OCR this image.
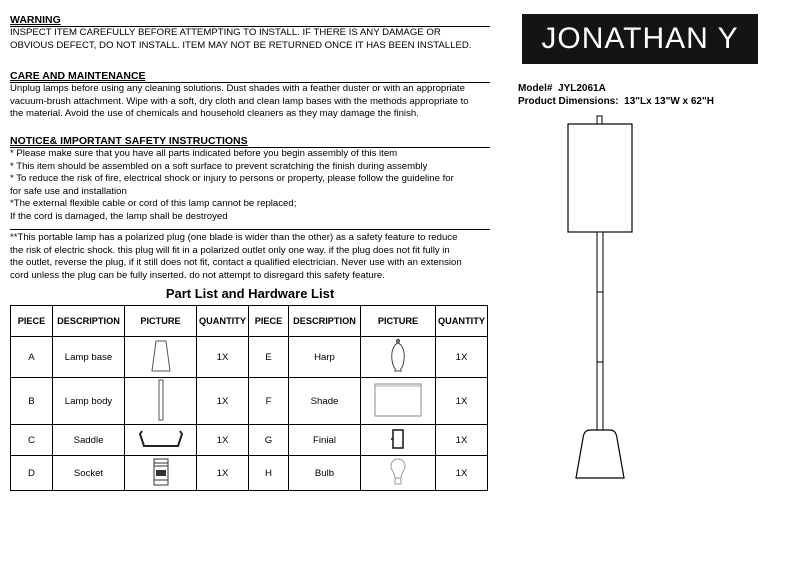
WARNING
INSPECT ITEM CAREFULLY BEFORE ATTEMPTING TO INSTALL. IF THERE IS ANY DAMAGE OR
OBVIOUS DEFECT, DO NOT INSTALL. ITEM MAY NOT BE RETURNED ONCE IT HAS BEEN INSTALLED.
CARE AND MAINTENANCE
Unplug lamps before using any cleaning solutions. Dust shades with a feather duster or with an appropriate
vacuum-brush attachment. Wipe with a soft, dry cloth and clean lamp bases with the methods appropriate to
the material. Avoid the use of chemicals and household cleaners as they may damage the finish.
NOTICE& IMPORTANT SAFETY INSTRUCTIONS
* Please make sure that you have all parts indicated before you begin assembly of this item
* This item should be assembled on a soft surface to prevent scratching the finish during assembly
* To reduce the risk of fire, electrical shock or injury to persons or property, please follow the guideline for
for safe use and installation
*The external flexible cable or cord of this lamp cannot be replaced;
If the cord is damaged, the lamp shall be destroyed
**This portable lamp has a polarized plug (one blade is wider than the other) as a safety feature to reduce
the risk of electric shock. this plug will fit in a polarized outlet only one way. if the plug does not fit fully in
the outlet, reverse the plug, if it still does not fit, contact a qualified electrician. Never use with an extension
cord unless the plug can be fully inserted. do not attempt to disregard this safety feature.
Part List and Hardware List
PIECE	DESCRIPTION	PICTURE	QUANTITY	PIECE	DESCRIPTION	PICTURE	QUANTITY
A	Lamp base		1X	E	Harp		1X
B	Lamp body		1X	F	Shade		1X
C	Saddle		1X	G	Finial		1X
D	Socket		1X	H	Bulb		1X
JONATHAN Y
Model# JYL2061A
Product Dimensions: 13"Lx 13"W x 62"H
